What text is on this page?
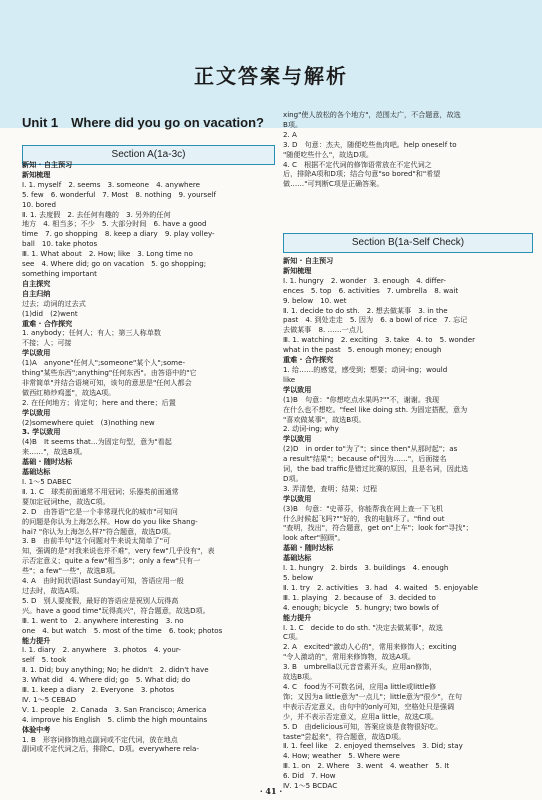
正文答案与解析
Unit 1　Where did you go on vacation?
Section A(1a-3c)
新知 · 自主预习
新知梳理
Ⅰ. 1. myself　2. seems　3. someone　4. anywhere
5. few　6. wonderful　7. Most　8. nothing　9. yourself
10. bored
Ⅱ. 1. 去度假　2. 去任何有趣的　3. 另外的任何
地方　4. 相当多；不少　5. 大部分时间　6. have a good
time　7. go shopping　8. keep a diary　9. play volley-
ball　10. take photos
Ⅲ. 1. What about　2. How; like　3. Long time no
see　4. Where did; go on vacation　5. go shopping;
something important
自主探究
自主归纳
过去；动词的过去式
(1)did　(2)went
重难 · 合作探究
1. anybody；任何人；有人；第三人称单数
不接；人；可接
学以致用
(1)A　anyone"任何人";someone"某个人";some-
thing"某些东西";anything"任何东西"。由答语中的"它
非常简单"并结合语境可知，该句的意思是"任何人都会
做西红柿炒鸡蛋"，故选A项。
2. 在任何地方；肯定句；here and there；后置
学以致用
(2)somewhere quiet　(3)nothing new
3. 学以致用
(4)B　It seems that...为固定句型，意为"看起
来……"，故选B项。
基础 · 随时达标
基础达标
Ⅰ. 1～5 DABEC
Ⅱ. 1. C　球类前面通常不用冠词；乐器类前面通常
要加定冠词the，故选C项。
2. D　由答语"它是一个非常现代化的城市"可知问
的问题是你认为上海怎么样。How do you like Shang-
hai? "你认为上海怎么样?"符合题意，故选D项。
3. B　由前半句"这个问题对牛来说太简单了"可
知，强调的是"对我来说也并不难"，very few"几乎没有"，表
示否定意义；quite a few"相当多"；only a few"只有一
些"；a few"一些"，故选B项。
4. A　由时间状语last Sunday可知，答语应用一般
过去时，故选A项。
5. D　别人要度假，最好的答语应是祝别人玩得高
兴。have a good time"玩得高兴"，符合题意，故选D项。
Ⅲ. 1. went to　2. anywhere interesting　3. no
one　4. but watch　5. most of the time　6. took; photos
能力提升
Ⅰ. 1. diary　2. anywhere　3. photos　4. your-
self　5. took
Ⅱ. 1. Did; buy anything; No; he didn't　2. didn't have
3. What did　4. Where did; go　5. What did; do
Ⅲ. 1. keep a diary　2. Everyone　3. photos
Ⅳ. 1～5 CEBAD
Ⅴ. 1. people　2. Canada　3. San Francisco; America
4. improve his English　5. climb the high mountains
体验中考
1. B　形容词修饰地点副词或不定代词，放在地点
副词或不定代词之后，排除C、D项。everywhere rela-
xing"使人放松的各个地方"，范围太广，不合题意，故选
B项。
2. A
3. D　句意：杰夫，随便吃些鱼肉吧。help oneself to
"随便吃些什么"，故选D项。
4. C　根据不定代词的修饰语常放在不定代词之
后，排除A项和D项；结合句意"so bored"和"希望
做……"可判断C项是正确答案。
Section B(1a-Self Check)
新知 · 自主预习
新知梳理
Ⅰ. 1. hungry　2. wonder　3. enough　4. differ-
ences　5. top　6. activities　7. umbrella　8. wait
9. below　10. wet
Ⅱ. 1. decide to do sth.　2. 想去做某事　3. in the
past　4. 到处走走　5. 因为　6. a bowl of rice　7. 忘记
去做某事　8. ……一点儿
Ⅲ. 1. watching　2. exciting　3. take　4. to　5. wonder
what in the past　5. enough money; enough
重难 · 合作探究
1. 给……的感觉，感受到；想要；动词-ing；would
like
学以致用
(1)B　句意："你想吃点水果吗?""不，谢谢。我现
在什么也不想吃。"feel like doing sth. 为固定搭配，意为
"喜欢做某事"，故选B项。
2. 动词-ing; why
学以致用
(2)D　in order to"为了"；since then"从那时起"；as
a result"结果"；because of"因为……"，后面接名
词，the bad traffic是错过比赛的原因，且是名词，因此选
D项。
3. 弄清楚，查明；结果；过程
学以致用
(3)B　句意："史蒂芬，你能帮我在网上查一下飞机
什么时候起飞吗?""好的，我的电脑坏了。"find out
"查明，找出"，符合题意，get on"上车"；look for"寻找"；
look after"照顾"。
基础 · 随时达标
基础达标
Ⅰ. 1. hungry　2. birds　3. buildings　4. enough
5. below
Ⅱ. 1. try　2. activities　3. had　4. waited　5. enjoyable
Ⅲ. 1. playing　2. because of　3. decided to
4. enough; bicycle　5. hungry; two bowls of
能力提升
Ⅰ. 1. C　decide to do sth. "决定去做某事"，故选
C项。
2. A　excited"激动人心的"，常用来修饰人；exciting
"令人激动的"，常用来修饰物，故选A项。
3. B　umbrella以元音音素开头，应用an修饰，
故选B项。
4. C　food为不可数名词，应用a little或little修
饰；又因为a little意为"一点儿"；little意为"很少"，在句
中表示否定意义，由句中的only可知，空格处只是强调
少，并不表示否定意义，应用a little，故选C项。
5. D　由delicious可知，答案应该是食物很好吃。
taste"尝起来"，符合题意，故选D项。
Ⅱ. 1. feel like　2. enjoyed themselves　3. Did; stay
4. How; weather　5. Where were
Ⅲ. 1. on　2. Where　3. went　4. weather　5. It
6. Did　7. How
Ⅳ. 1～5 BCDAC
· 41 ·
